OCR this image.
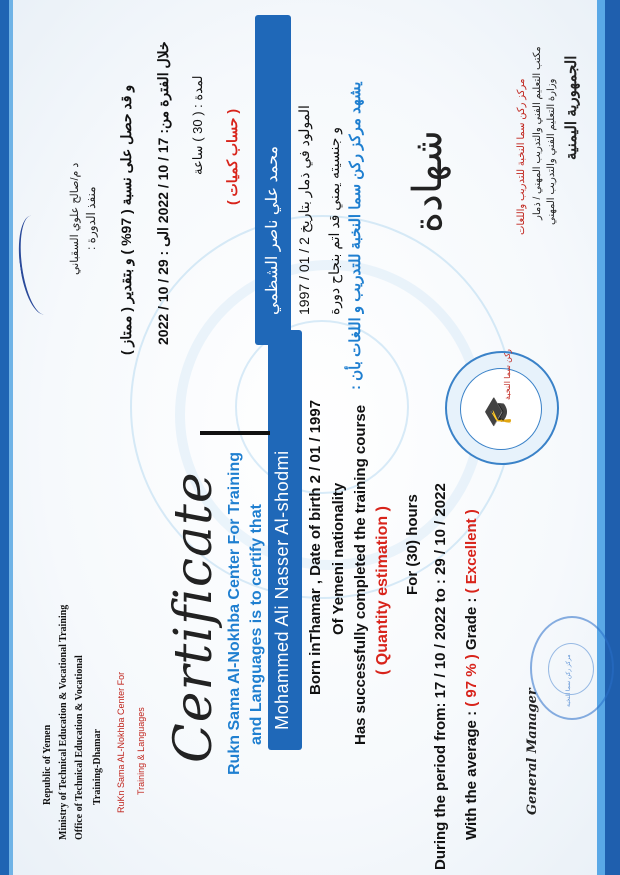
Republic of Yemen Ministry of Technical Education & Vocational Training Office of Technical Education & Vocational Training-Dhamar RuKn Sama AL-Nokhba Center For Training & Languages Certificate Rukn Sama Al-Nokhba Center For Training and Languages is to certify that Mohammed Ali Nasser Al-shodmi Born inThamar , Date of birth 2 / 01 / 1997 Of Yemeni nationality Has successfully completed the training course ( Quantity estimation ) For (30) hours During the period from: 17 / 10 / 2022 to : 29 / 10 / 2022 With the average : ( 97 % ) Grade : ( Excellent )
General Manager
مركز ركن سما النخبة
🎓
ركن سما النخبة
الجمهورية اليمنية
وزارة التعليم الفني والتدريب المهني
مكتب التعليم الفني والتدريب المهني / ذمار
مركز ركن سما النخبة للتدريب واللغات
شهادة
يشهد مركز ركن سما النخبة للتدريب و اللغات بأن :
محمد علي ناصر الشظمي المولود في ذمار بتاريخ 2 / 01 / 1997 و جنسيته يمني قد اتم بنجاح دورة
( حساب كميات )
لمدة : ( 30 ) ساعة
خلال الفترة من: 17 / 10 / 2022 الى : 29 / 10 / 2022
و قد حصل على نسبة ( 97% ) و بتقدير ( ممتاز )
منفذ الدورة :
د م/صالح علوي السقباني
